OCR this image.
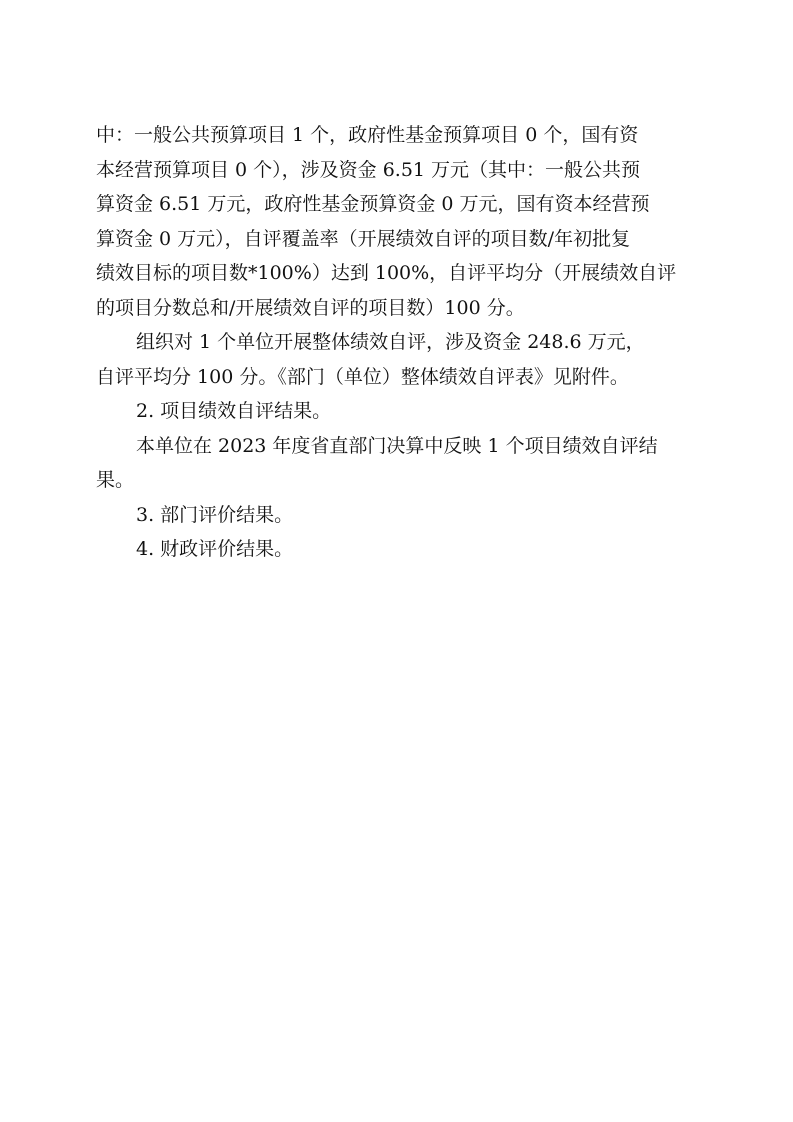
中：一般公共预算项目 1 个，政府性基金预算项目 0 个，国有资
本经营预算项目 0 个），涉及资金 6.51 万元（其中：一般公共预
算资金 6.51 万元，政府性基金预算资金 0 万元，国有资本经营预
算资金 0 万元），自评覆盖率（开展绩效自评的项目数/年初批复
绩效目标的项目数*100%）达到 100%，自评平均分（开展绩效自评
的项目分数总和/开展绩效自评的项目数）100 分。
组织对 1 个单位开展整体绩效自评，涉及资金 248.6 万元，
自评平均分 100 分。《部门（单位）整体绩效自评表》见附件。
2. 项目绩效自评结果。
本单位在 2023 年度省直部门决算中反映 1 个项目绩效自评结
果。
3. 部门评价结果。
4. 财政评价结果。
